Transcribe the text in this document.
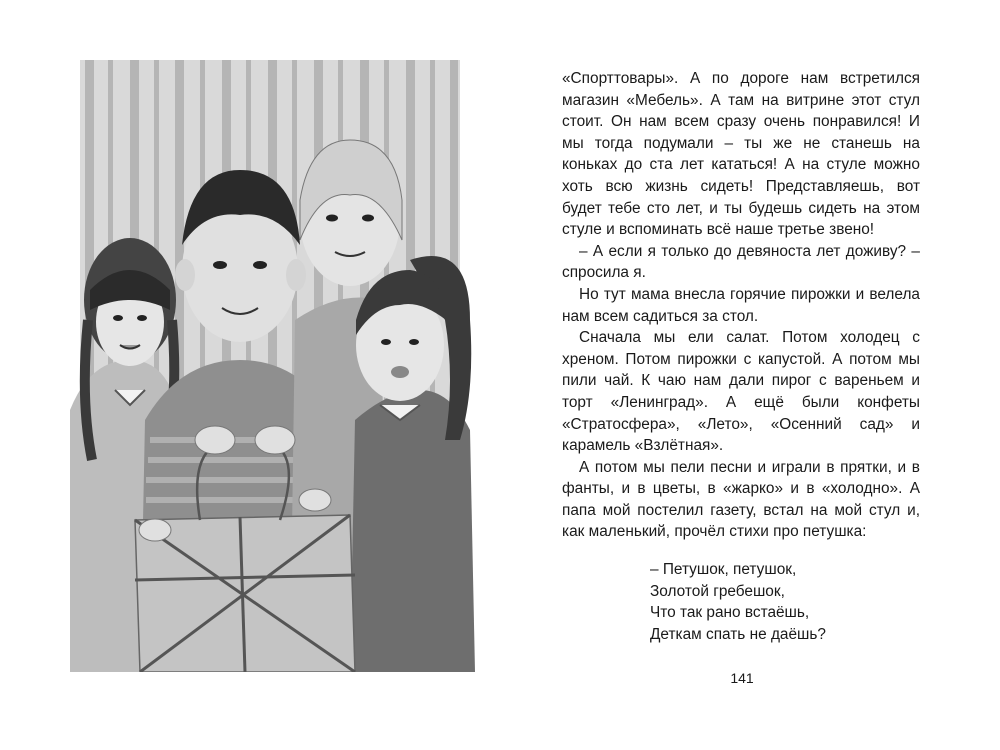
«Спорттовары». А по дороге нам встретился магазин «Мебель». А там на витрине этот стул стоит. Он нам всем сразу очень понравился! И мы тогда подумали – ты же не станешь на коньках до ста лет кататься! А на стуле можно хоть всю жизнь сидеть! Представляешь, вот будет тебе сто лет, и ты будешь сидеть на этом стуле и вспоминать всё наше третье звено!

– А если я только до девяноста лет доживу? – спросила я.

Но тут мама внесла горячие пирожки и велела нам всем садиться за стол.

Сначала мы ели салат. Потом холодец с хреном. Потом пирожки с капустой. А потом мы пили чай. К чаю нам дали пирог с вареньем и торт «Ленинград». А ещё были конфеты «Стратосфера», «Лето», «Осенний сад» и карамель «Взлётная».

А потом мы пели песни и играли в прятки, и в фанты, и в цветы, в «жарко» и в «холодно». А папа мой постелил газету, встал на мой стул и, как маленький, прочёл стихи про петушка:

– Петушок, петушок,
Золотой гребешок,
Что так рано встаёшь,
Деткам спать не даёшь?
141
